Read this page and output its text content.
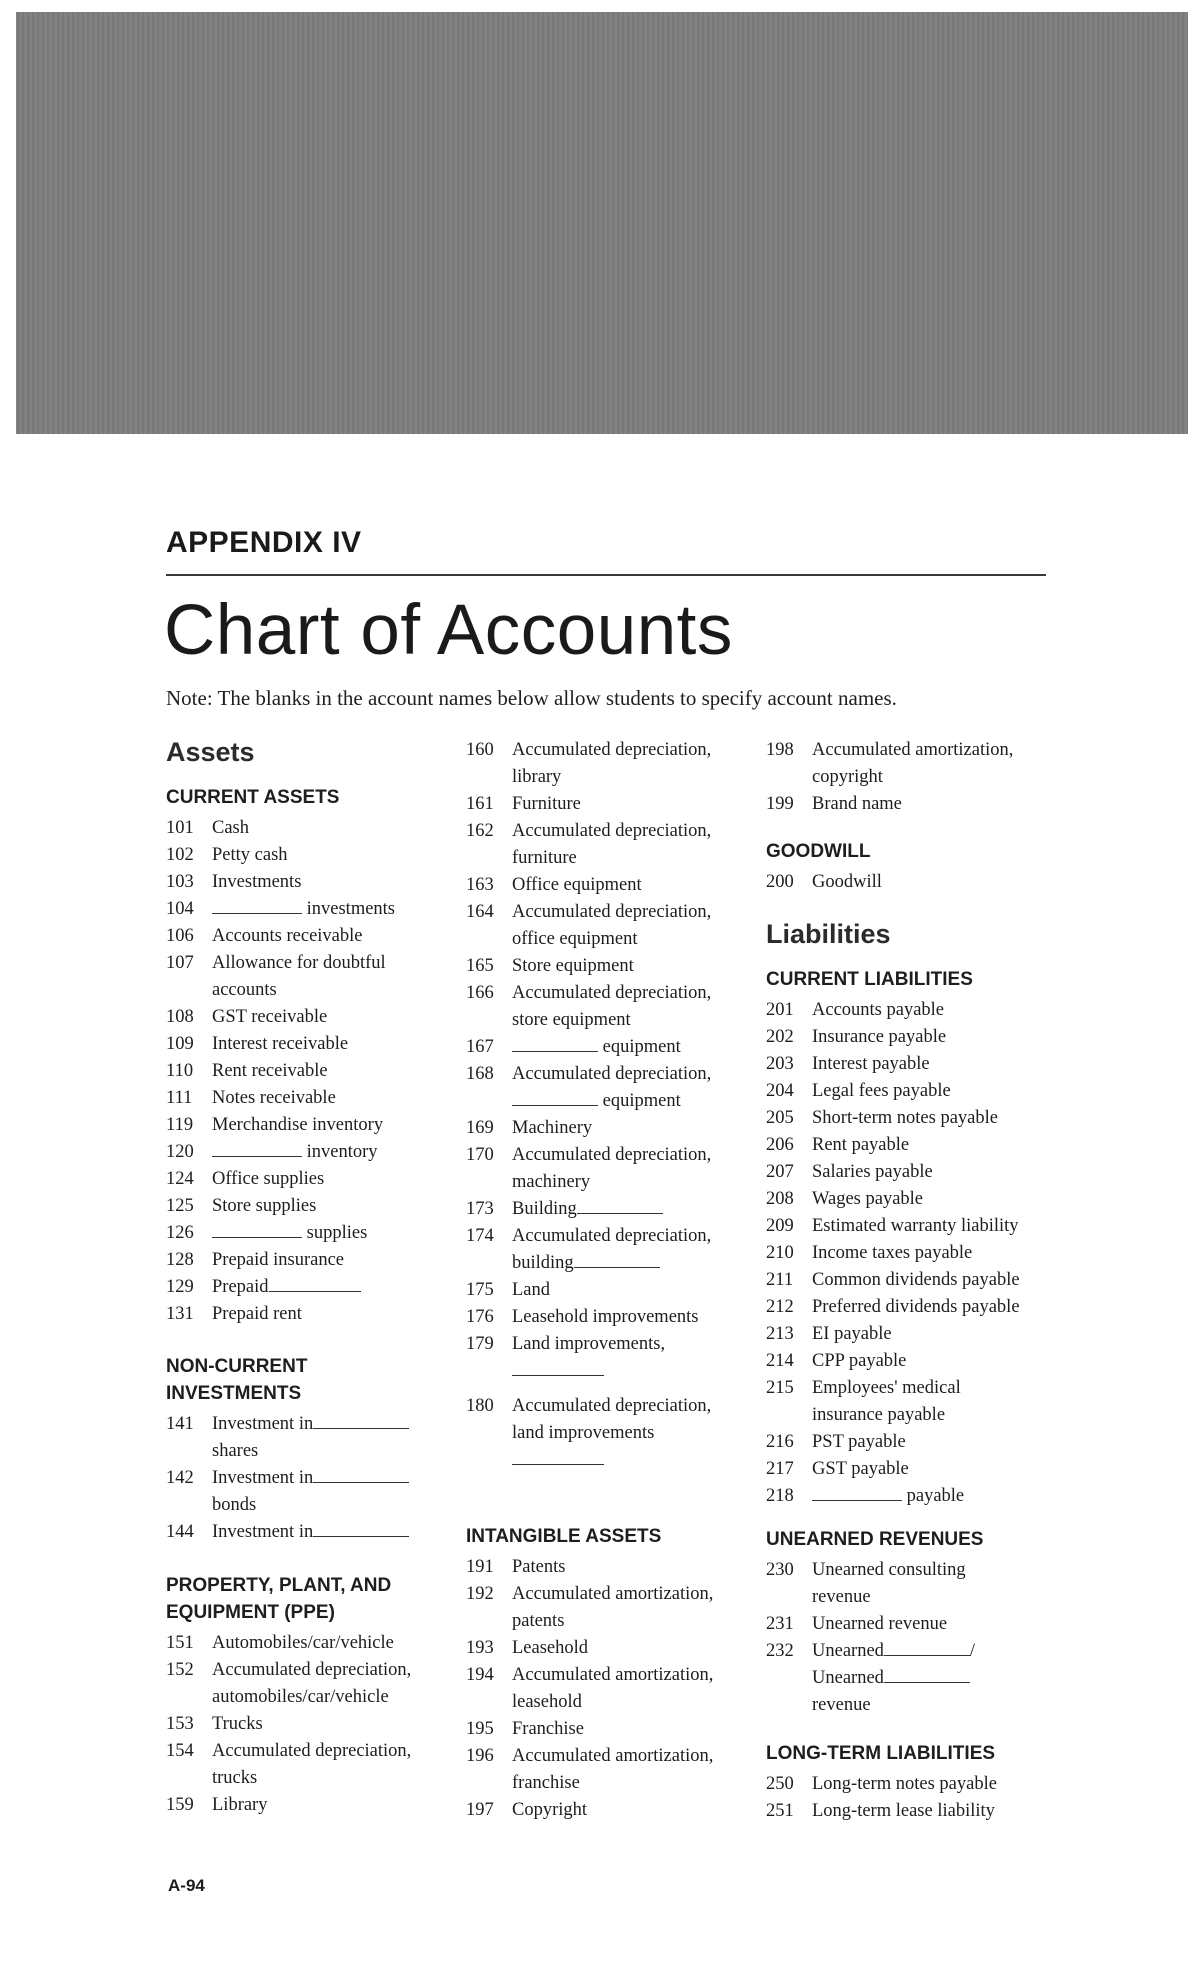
APPENDIX IV
Chart of Accounts
Note: The blanks in the account names below allow students to specify account names.
Assets
CURRENT ASSETS
101 Cash
102 Petty cash
103 Investments
104	investments
106 Accounts receivable
107 Allowance for doubtful
accounts
108 GST receivable
109 Interest receivable
110	Rent receivable
111	Notes receivable
119	Merchandise inventory
120	inventory
124 Office supplies
125 Store supplies
126	supplies
128 Prepaid insurance
129 Prepaid
131 Prepaid rent
NON-CURRENT
INVESTMENTS
141 Investment in
shares
142 Investment in
bonds
144 Investment in
PROPERTY, PLANT, AND
EQUIPMENT (PPE)
151 Automobiles/car/vehicle
152 Accumulated depreciation,
automobiles/car/vehicle
153 Trucks
154 Accumulated depreciation,
trucks
159 Library
160 Accumulated depreciation,
library
161 Furniture
162 Accumulated depreciation,
furniture
163 Office equipment
164 Accumulated depreciation,
office equipment
165 Store equipment
166 Accumulated depreciation,
store equipment
167	equipment
168 Accumulated depreciation,
equipment
169 Machinery
170 Accumulated depreciation,
machinery
173 Building
174 Accumulated depreciation,
building
175 Land
176 Leasehold improvements
179 Land improvements,

180 Accumulated depreciation,
land improvements

INTANGIBLE ASSETS
191 Patents
192 Accumulated amortization,
patents
193 Leasehold
194 Accumulated amortization,
leasehold
195 Franchise
196 Accumulated amortization,
franchise
197 Copyright
198 Accumulated amortization,
copyright
199 Brand name
GOODWILL
200 Goodwill
Liabilities
CURRENT LIABILITIES
201 Accounts payable
202 Insurance payable
203 Interest payable
204 Legal fees payable
205 Short-term notes payable
206 Rent payable
207 Salaries payable
208 Wages payable
209 Estimated warranty liability
210 Income taxes payable
211	Common dividends payable
212 Preferred dividends payable
213 EI payable
214 CPP payable
215 Employees' medical
insurance payable
216 PST payable
217 GST payable
218	payable
UNEARNED REVENUES
230 Unearned consulting
revenue
231 Unearned revenue
232 Unearned	/
Unearned
revenue
LONG-TERM LIABILITIES
250 Long-term notes payable
251 Long-term lease liability
A-94
